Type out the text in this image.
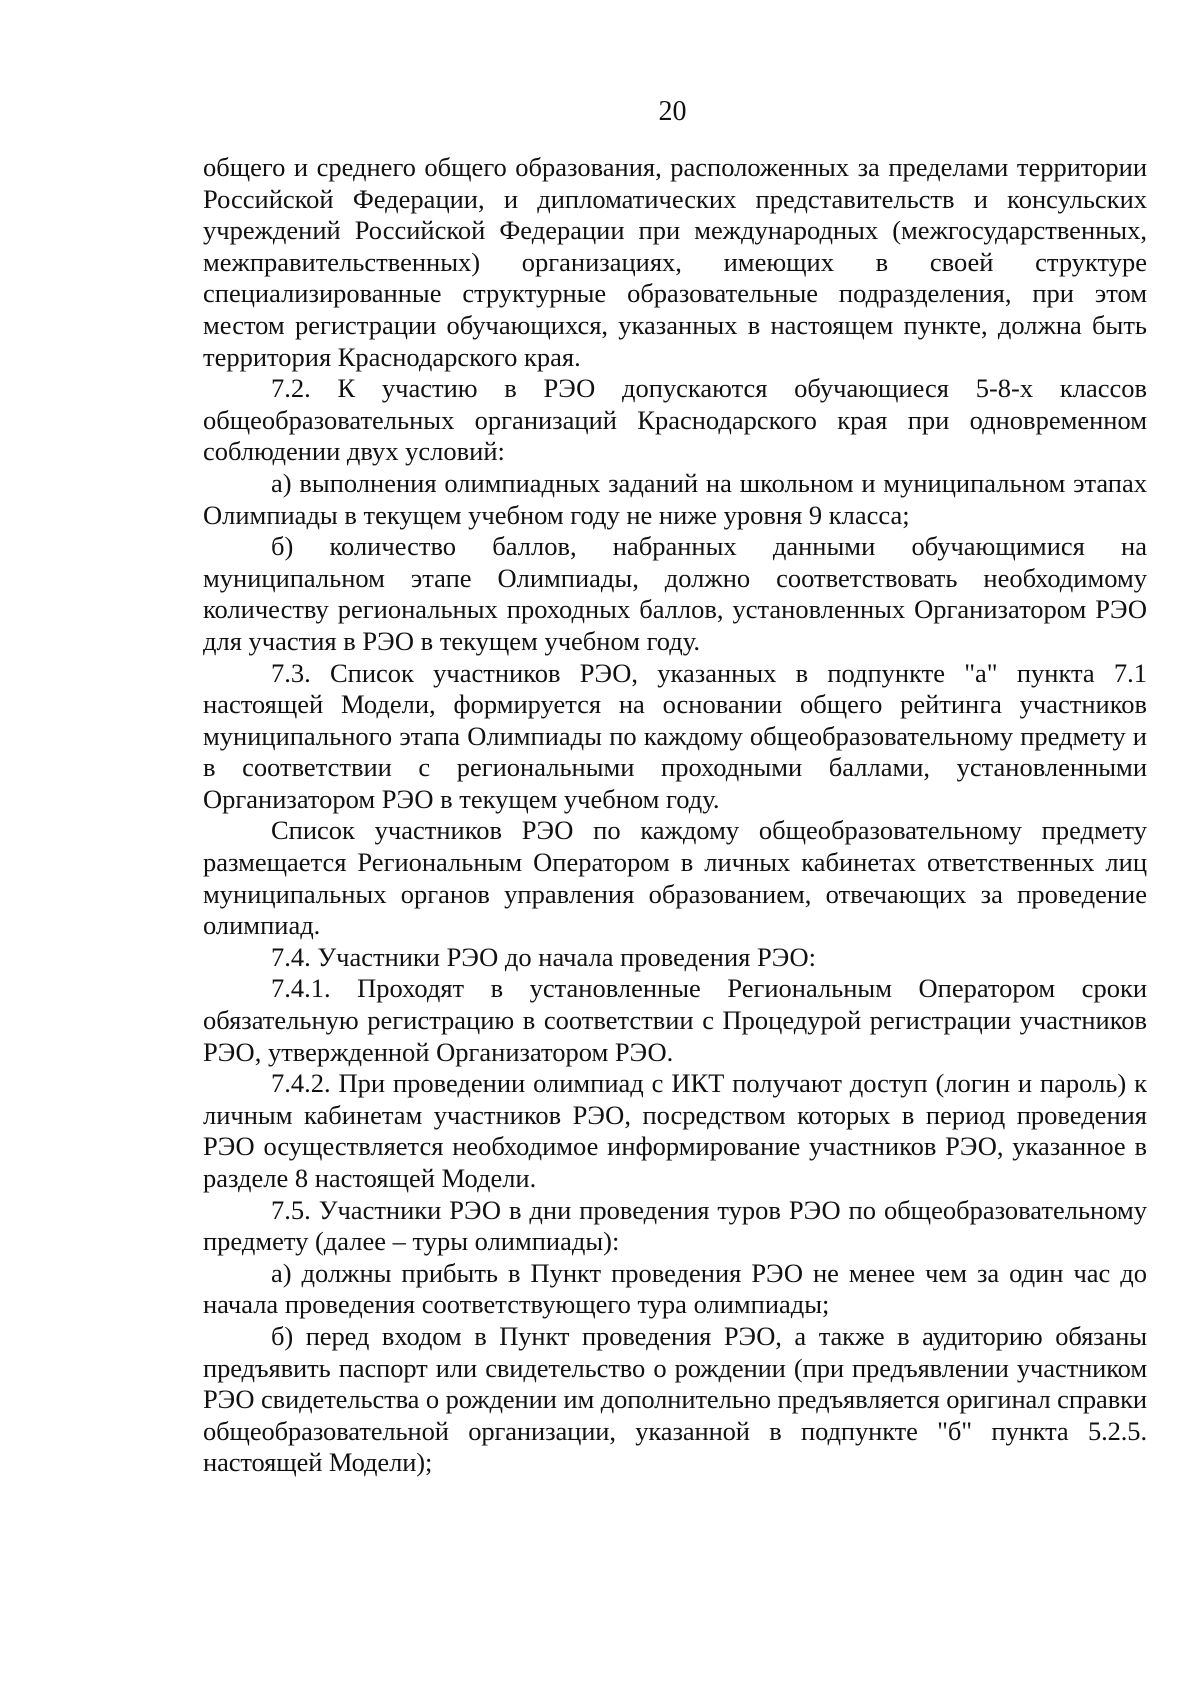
20

общего и среднего общего образования, расположенных за пределами территории Российской Федерации, и дипломатических представительств и консульских учреждений Российской Федерации при международных (межгосударственных, межправительственных) организациях, имеющих в своей структуре специализированные структурные образовательные подразделения, при этом местом регистрации обучающихся, указанных в настоящем пункте, должна быть территория Краснодарского края.

7.2. К участию в РЭО допускаются обучающиеся 5-8-х классов общеобразовательных организаций Краснодарского края при одновременном соблюдении двух условий:

а) выполнения олимпиадных заданий на школьном и муниципальном этапах Олимпиады в текущем учебном году не ниже уровня 9 класса;

б) количество баллов, набранных данными обучающимися на муниципальном этапе Олимпиады, должно соответствовать необходимому количеству региональных проходных баллов, установленных Организатором РЭО для участия в РЭО в текущем учебном году.

7.3. Список участников РЭО, указанных в подпункте "а" пункта 7.1 настоящей Модели, формируется на основании общего рейтинга участников муниципального этапа Олимпиады по каждому общеобразовательному предмету и в соответствии с региональными проходными баллами, установленными Организатором РЭО в текущем учебном году.

Список участников РЭО по каждому общеобразовательному предмету размещается Региональным Оператором в личных кабинетах ответственных лиц муниципальных органов управления образованием, отвечающих за проведение олимпиад.

7.4. Участники РЭО до начала проведения РЭО:

7.4.1. Проходят в установленные Региональным Оператором сроки обязательную регистрацию в соответствии с Процедурой регистрации участников РЭО, утвержденной Организатором РЭО.

7.4.2. При проведении олимпиад с ИКТ получают доступ (логин и пароль) к личным кабинетам участников РЭО, посредством которых в период проведения РЭО осуществляется необходимое информирование участников РЭО, указанное в разделе 8 настоящей Модели.

7.5. Участники РЭО в дни проведения туров РЭО по общеобразовательному предмету (далее – туры олимпиады):

а) должны прибыть в Пункт проведения РЭО не менее чем за один час до начала проведения соответствующего тура олимпиады;

б) перед входом в Пункт проведения РЭО, а также в аудиторию обязаны предъявить паспорт или свидетельство о рождении (при предъявлении участником РЭО свидетельства о рождении им дополнительно предъявляется оригинал справки общеобразовательной организации, указанной в подпункте "б" пункта 5.2.5. настоящей Модели);
